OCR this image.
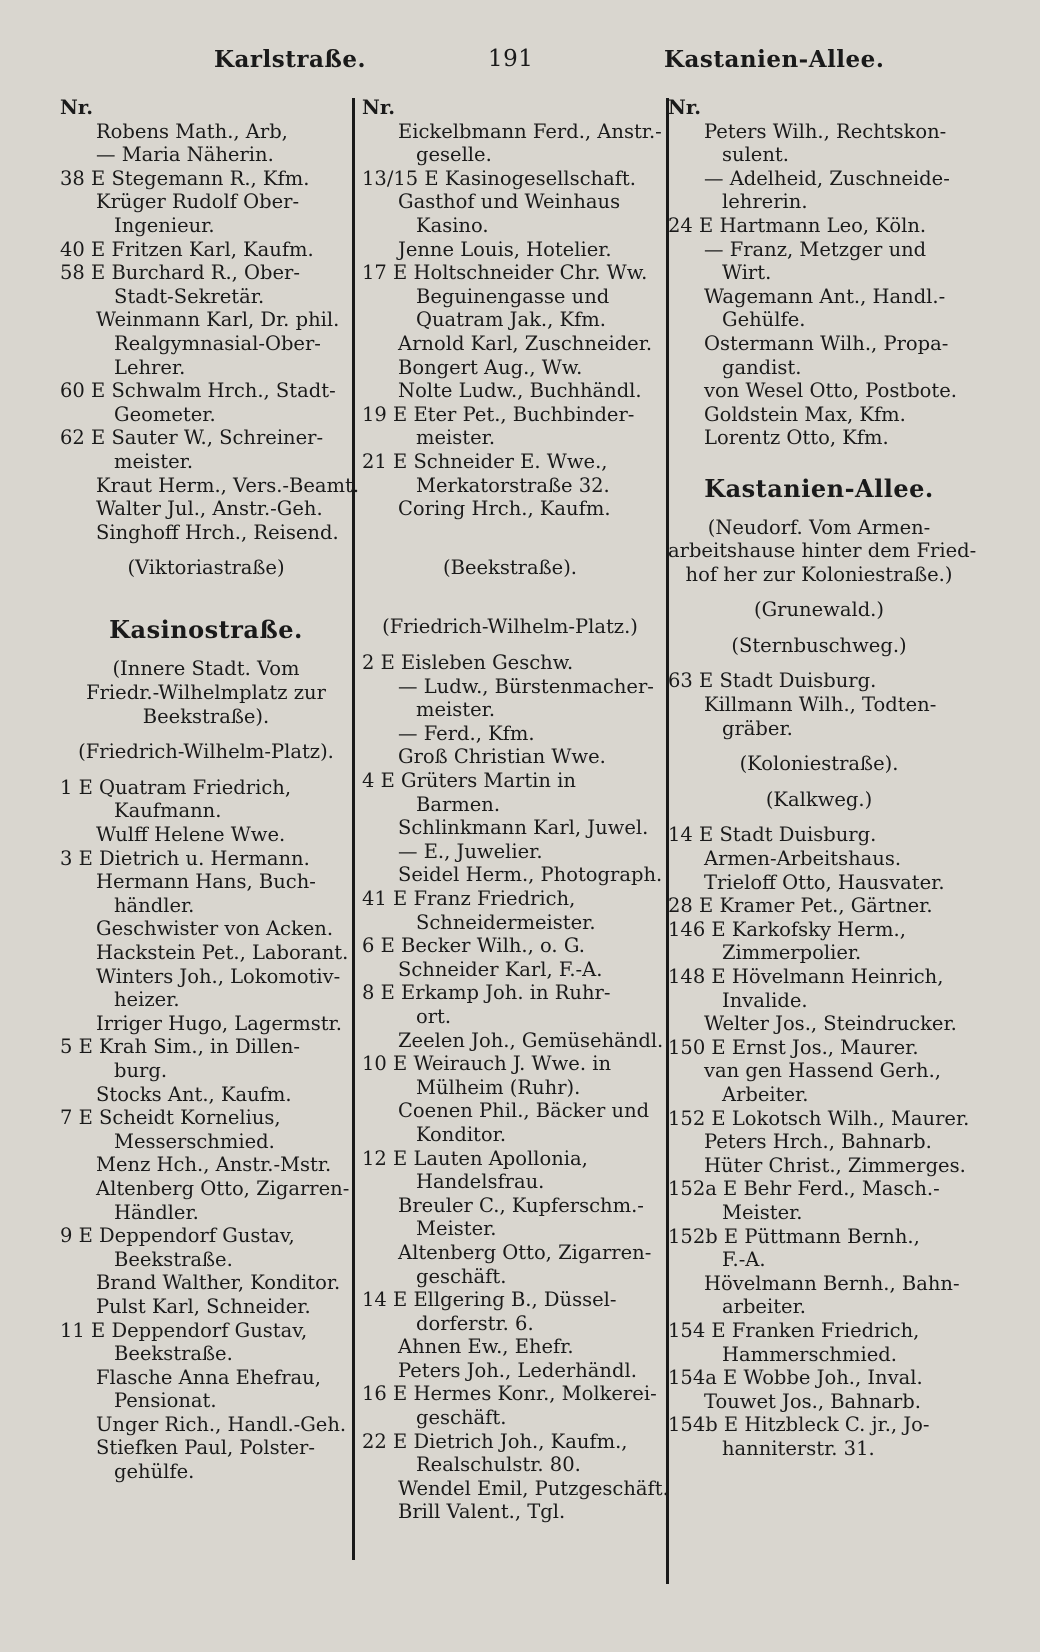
Karlstraße.	191	Kastanien-Allee.
Nr.
Robens Math., Arb,
— Maria Näherin.
38 E Stegemann R., Kfm.
Krüger Rudolf Ober-
Ingenieur.
40 E Fritzen Karl, Kaufm.
58 E Burchard R., Ober-
Stadt-Sekretär.
Weinmann Karl, Dr. phil.
Realgymnasial-Ober-
Lehrer.
60 E Schwalm Hrch., Stadt-
Geometer.
62 E Sauter W., Schreiner-
meister.
Kraut Herm., Vers.-Beamt.
Walter Jul., Anstr.-Geh.
Singhoff Hrch., Reisend.
(Viktoriastraße)
Kasinostraße.
(Innere Stadt. Vom
Friedr.-Wilhelmplatz zur
Beekstraße).
(Friedrich-Wilhelm-Platz).
1 E Quatram Friedrich,
Kaufmann.
Wulff Helene Wwe.
3 E Dietrich u. Hermann.
Hermann Hans, Buch-
händler.
Geschwister von Acken.
Hackstein Pet., Laborant.
Winters Joh., Lokomotiv-
heizer.
Irriger Hugo, Lagermstr.
5 E Krah Sim., in Dillen-
burg.
Stocks Ant., Kaufm.
7 E Scheidt Kornelius,
Messerschmied.
Menz Hch., Anstr.-Mstr.
Altenberg Otto, Zigarren-
Händler.
9 E Deppendorf Gustav,
Beekstraße.
Brand Walther, Konditor.
Pulst Karl, Schneider.
11 E Deppendorf Gustav,
Beekstraße.
Flasche Anna Ehefrau,
Pensionat.
Unger Rich., Handl.-Geh.
Stiefken Paul, Polster-
gehülfe.
Nr.
Eickelbmann Ferd., Anstr.-
geselle.
13/15 E Kasinogesellschaft.
Gasthof und Weinhaus
Kasino.
Jenne Louis, Hotelier.
17 E Holtschneider Chr. Ww.
Beguinengasse und
Quatram Jak., Kfm.
Arnold Karl, Zuschneider.
Bongert Aug., Ww.
Nolte Ludw., Buchhändl.
19 E Eter Pet., Buchbinder-
meister.
21 E Schneider E. Wwe.,
Merkatorstraße 32.
Coring Hrch., Kaufm.
(Beekstraße).
(Friedrich-Wilhelm-Platz.)
2 E Eisleben Geschw.
— Ludw., Bürstenmacher-
meister.
— Ferd., Kfm.
Groß Christian Wwe.
4 E Grüters Martin in
Barmen.
Schlinkmann Karl, Juwel.
— E., Juwelier.
Seidel Herm., Photograph.
41 E Franz Friedrich,
Schneidermeister.
6 E Becker Wilh., o. G.
Schneider Karl, F.-A.
8 E Erkamp Joh. in Ruhr-
ort.
Zeelen Joh., Gemüsehändl.
10 E Weirauch J. Wwe. in
Mülheim (Ruhr).
Coenen Phil., Bäcker und
Konditor.
12 E Lauten Apollonia,
Handelsfrau.
Breuler C., Kupferschm.-
Meister.
Altenberg Otto, Zigarren-
geschäft.
14 E Ellgering B., Düssel-
dorferstr. 6.
Ahnen Ew., Ehefr.
Peters Joh., Lederhändl.
16 E Hermes Konr., Molkerei-
geschäft.
22 E Dietrich Joh., Kaufm.,
Realschulstr. 80.
Wendel Emil, Putzgeschäft.
Brill Valent., Tgl.
Nr.
Peters Wilh., Rechtskon-
sulent.
— Adelheid, Zuschneide-
lehrerin.
24 E Hartmann Leo, Köln.
— Franz, Metzger und
Wirt.
Wagemann Ant., Handl.-
Gehülfe.
Ostermann Wilh., Propa-
gandist.
von Wesel Otto, Postbote.
Goldstein Max, Kfm.
Lorentz Otto, Kfm.
Kastanien-Allee.
(Neudorf. Vom Armen-
arbeitshause hinter dem Fried-
hof her zur Koloniestraße.)
(Grunewald.)
(Sternbuschweg.)
63 E Stadt Duisburg.
Killmann Wilh., Todten-
gräber.
(Koloniestraße).
(Kalkweg.)
14 E Stadt Duisburg.
Armen-Arbeitshaus.
Trieloff Otto, Hausvater.
28 E Kramer Pet., Gärtner.
146 E Karkofsky Herm.,
Zimmerpolier.
148 E Hövelmann Heinrich,
Invalide.
Welter Jos., Steindrucker.
150 E Ernst Jos., Maurer.
van gen Hassend Gerh.,
Arbeiter.
152 E Lokotsch Wilh., Maurer.
Peters Hrch., Bahnarb.
Hüter Christ., Zimmerges.
152a E Behr Ferd., Masch.-
Meister.
152b E Püttmann Bernh.,
F.-A.
Hövelmann Bernh., Bahn-
arbeiter.
154 E Franken Friedrich,
Hammerschmied.
154a E Wobbe Joh., Inval.
Touwet Jos., Bahnarb.
154b E Hitzbleck C. jr., Jo-
hanniterstr. 31.
